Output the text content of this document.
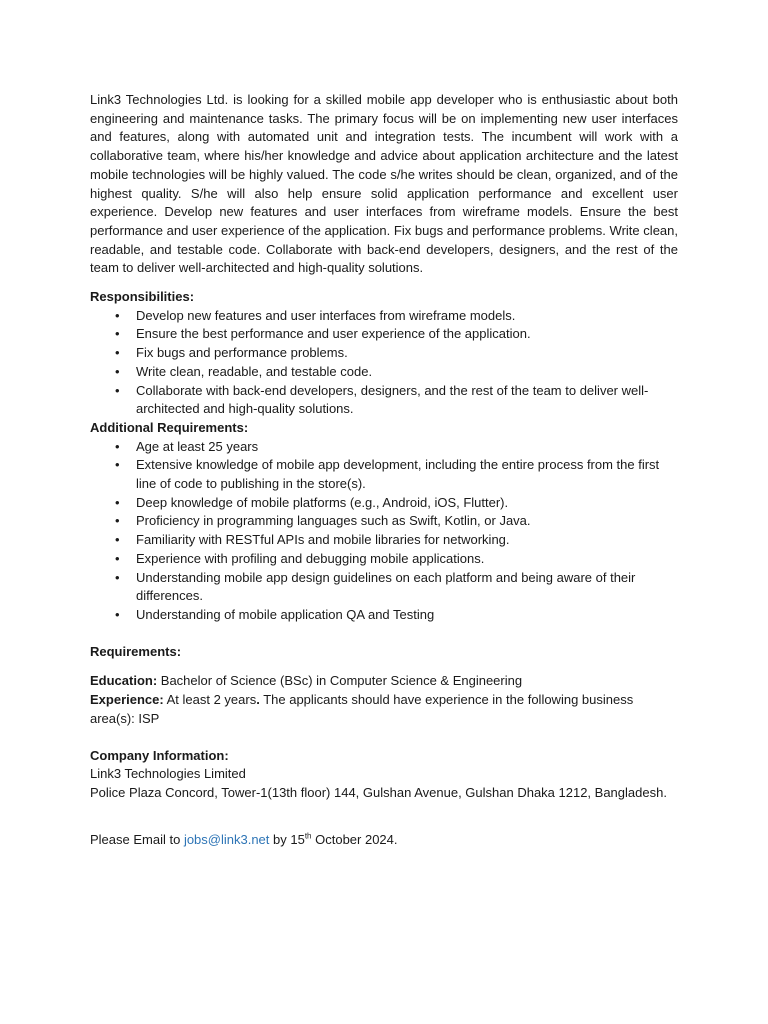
Link3 Technologies Ltd. is looking for a skilled mobile app developer who is enthusiastic about both engineering and maintenance tasks. The primary focus will be on implementing new user interfaces and features, along with automated unit and integration tests. The incumbent will work with a collaborative team, where his/her knowledge and advice about application architecture and the latest mobile technologies will be highly valued. The code s/he writes should be clean, organized, and of the highest quality. S/he will also help ensure solid application performance and excellent user experience. Develop new features and user interfaces from wireframe models. Ensure the best performance and user experience of the application. Fix bugs and performance problems. Write clean, readable, and testable code. Collaborate with back-end developers, designers, and the rest of the team to deliver well-architected and high-quality solutions.

Responsibilities:

• Develop new features and user interfaces from wireframe models.
• Ensure the best performance and user experience of the application.
• Fix bugs and performance problems.
• Write clean, readable, and testable code.
• Collaborate with back-end developers, designers, and the rest of the team to deliver well-architected and high-quality solutions.

Additional Requirements:

• Age at least 25 years
• Extensive knowledge of mobile app development, including the entire process from the first line of code to publishing in the store(s).
• Deep knowledge of mobile platforms (e.g., Android, iOS, Flutter).
• Proficiency in programming languages such as Swift, Kotlin, or Java.
• Familiarity with RESTful APIs and mobile libraries for networking.
• Experience with profiling and debugging mobile applications.
• Understanding mobile app design guidelines on each platform and being aware of their differences.
• Understanding of mobile application QA and Testing

Requirements:

Education: Bachelor of Science (BSc) in Computer Science & Engineering

Experience: At least 2 years. The applicants should have experience in the following business area(s): ISP

Company Information:

Link3 Technologies Limited

Police Plaza Concord, Tower-1(13th floor) 144, Gulshan Avenue, Gulshan Dhaka 1212, Bangladesh.

Please Email to jobs@link3.net by 15th October 2024.
